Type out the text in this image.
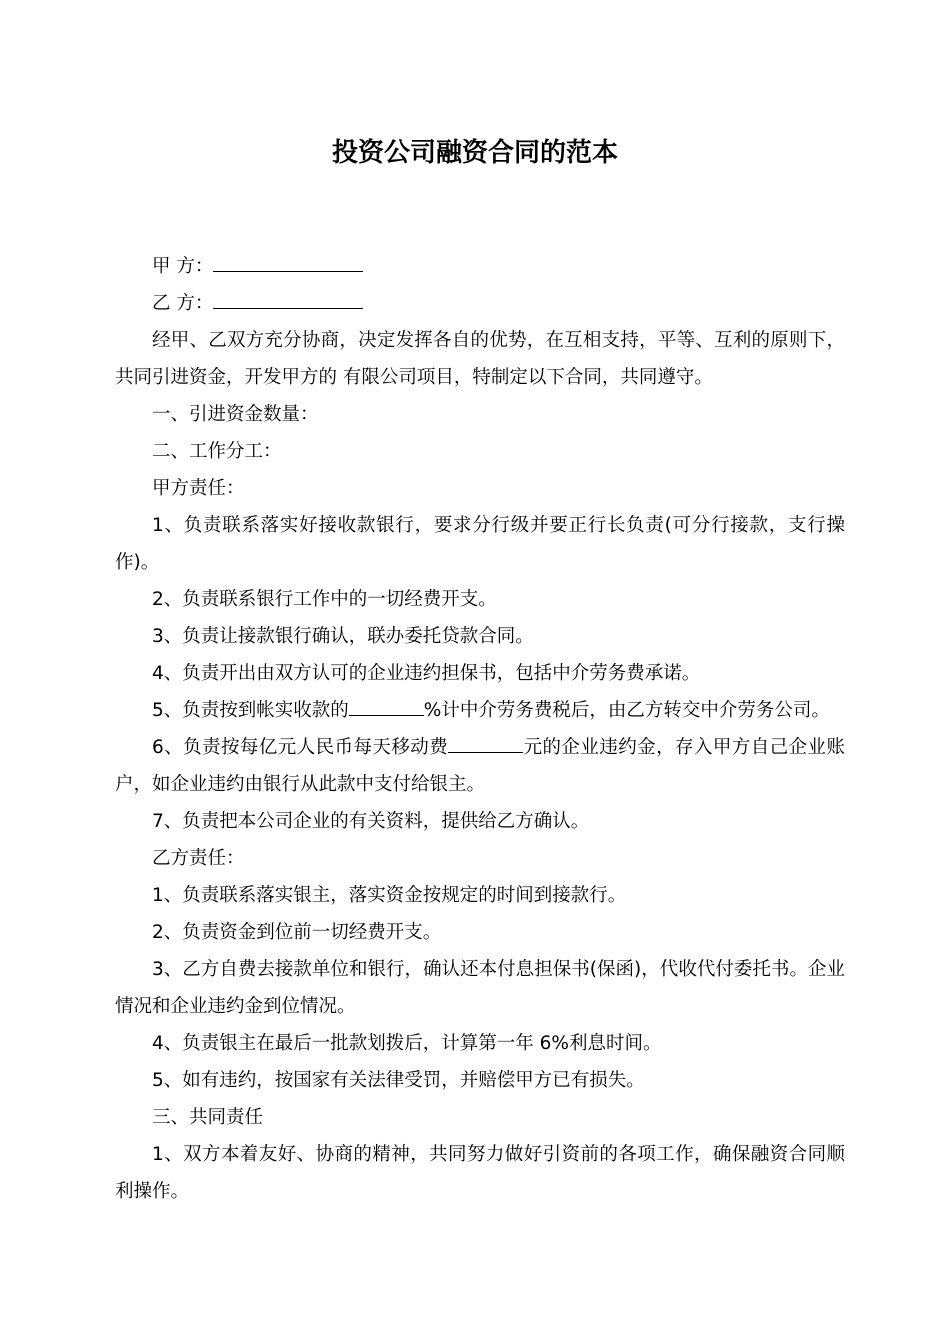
投资公司融资合同的范本

甲 方：

乙 方：

经甲、乙双方充分协商，决定发挥各自的优势，在互相支持，平等、互利的原则下，共同引进资金，开发甲方的 有限公司项目，特制定以下合同，共同遵守。

一、引进资金数量：

二、工作分工：

甲方责任：

1、负责联系落实好接收款银行，要求分行级并要正行长负责(可分行接款，支行操作)。

2、负责联系银行工作中的一切经费开支。

3、负责让接款银行确认，联办委托贷款合同。

4、负责开出由双方认可的企业违约担保书，包括中介劳务费承诺。

5、负责按到帐实收款的	%计中介劳务费税后，由乙方转交中介劳务公司。

6、负责按每亿元人民币每天移动费	元的企业违约金，存入甲方自己企业账户，如企业违约由银行从此款中支付给银主。

7、负责把本公司企业的有关资料，提供给乙方确认。

乙方责任：

1、负责联系落实银主，落实资金按规定的时间到接款行。

2、负责资金到位前一切经费开支。

3、乙方自费去接款单位和银行，确认还本付息担保书(保函)，代收代付委托书。企业情况和企业违约金到位情况。

4、负责银主在最后一批款划拨后，计算第一年 6%利息时间。

5、如有违约，按国家有关法律受罚，并赔偿甲方已有损失。

三、共同责任

1、双方本着友好、协商的精神，共同努力做好引资前的各项工作，确保融资合同顺利操作。
